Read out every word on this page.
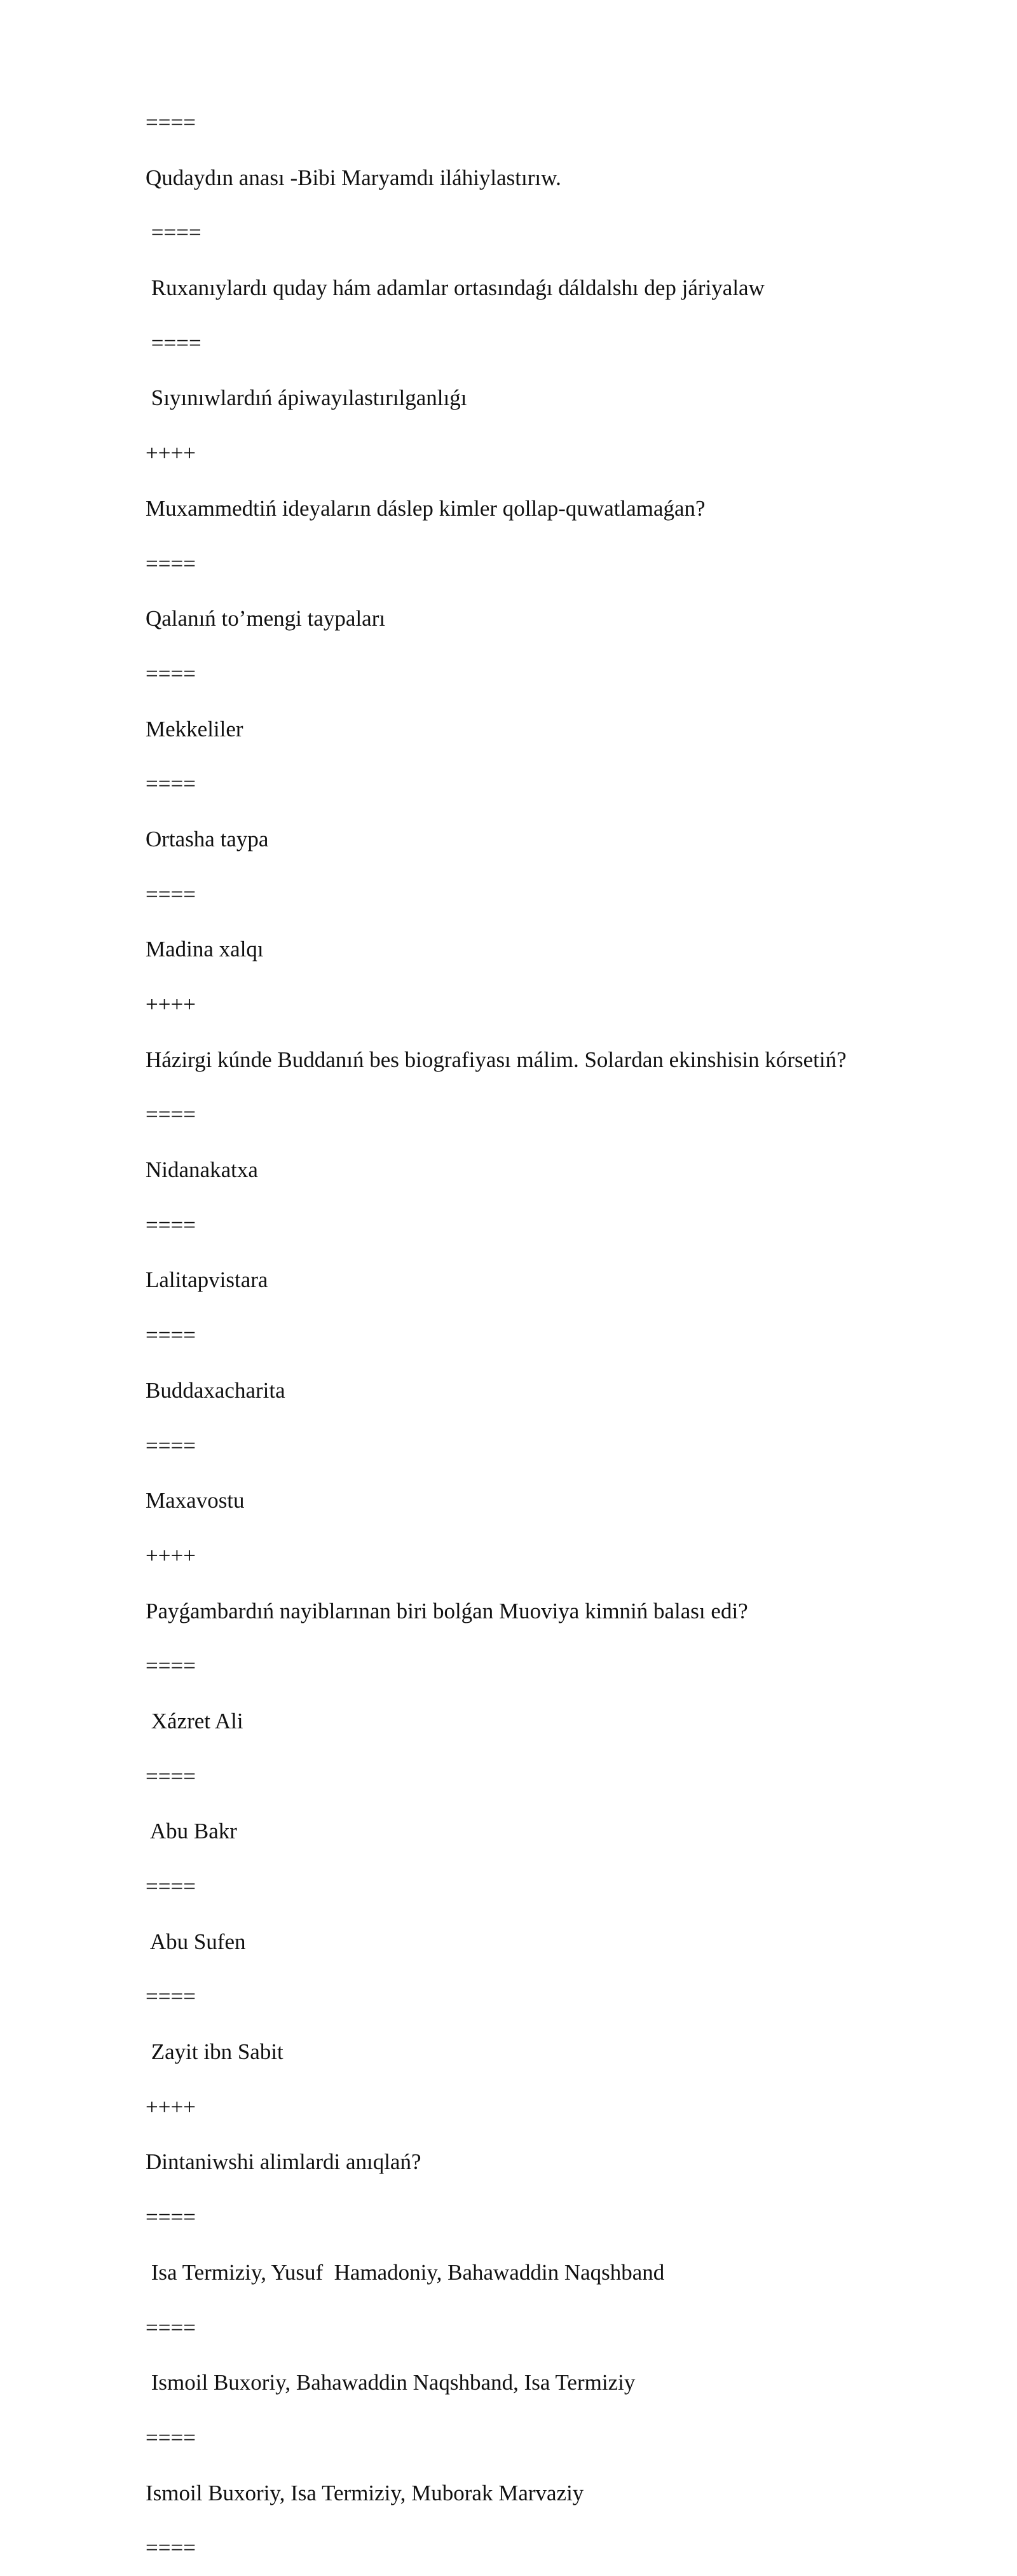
====
Qudaydın anası -Bibi Maryamdı iláhiylastırıw.
====
Ruxanıylardı quday hám adamlar ortasındaǵı dáldalshı dep járiyalaw
====
Sıyınıwlardıń ápiwayılastırılganlıǵı
++++
Muxammedtiń ideyaların dáslep kimler qollap-quwatlamaǵan?
====
Qalanıń to’mengi taypaları
====
Mekkeliler
====
Ortasha taypa
====
Madina xalqı
++++
Házirgi kúnde Buddanıń bes biografiyası málim. Solardan ekinshisin kórsetiń?
====
Nidanakatxa
====
Lalitapvistara
====
Buddaxacharita
====
Maxavostu
++++
Payǵambardıń nayiblarınan biri bolǵan Muoviya kimniń balası edi?
====
Xázret Ali
====
Abu Bakr
====
Abu Sufen
====
Zayit ibn Sabit
++++
Dintaniwshi alimlardi anıqlań?
====
Isa Termiziy, Yusuf  Hamadoniy, Bahawaddin Naqshband
====
Ismoil Buxoriy, Bahawaddin Naqshband, Isa Termiziy
====
Ismoil Buxoriy, Isa Termiziy, Muborak Marvaziy
====
